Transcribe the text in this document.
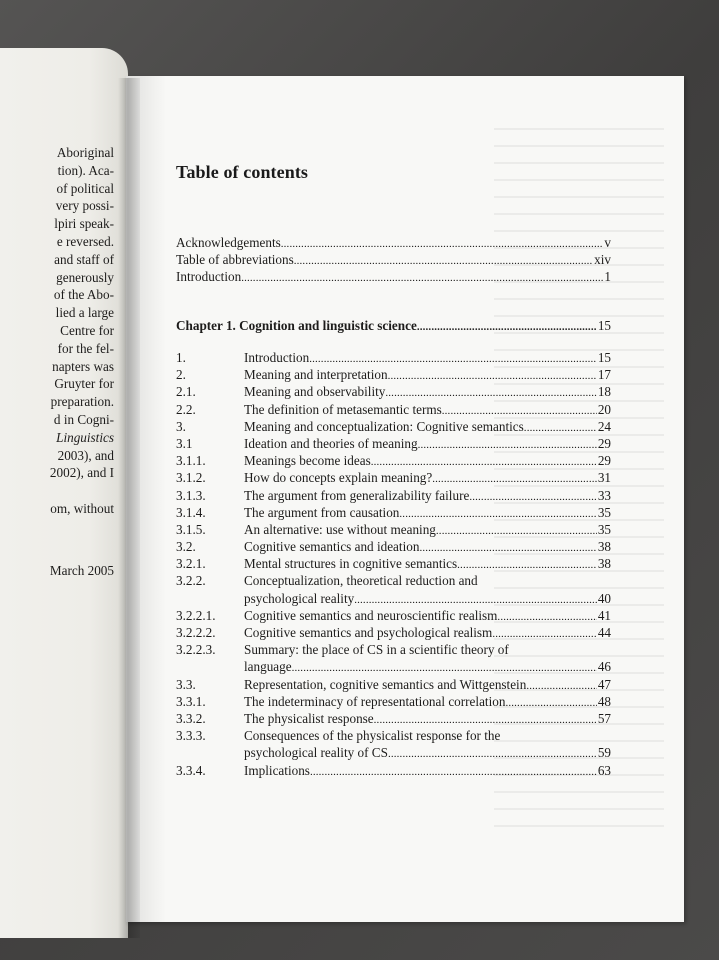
Aboriginal
tion). Aca-
of political
very possi-
lpiri speak-
e reversed.
and staff of
generously
of the Abo-
lied a large
Centre for
for the fel-
napters was
Gruyter for
preparation.
d in Cogni-
Linguistics
2003), and
2002), and I
om, without
March 2005
Table of contents
Acknowledgements . . .	v
Table of abbreviations . . .	xiv
Introduction . . .	1
Chapter 1. Cognition and linguistic science . . .	15
1.	Introduction . . .	15
2.	Meaning and interpretation . . .	17
2.1.	Meaning and observability . . .	18
2.2.	The definition of metasemantic terms . . .	20
3.	Meaning and conceptualization: Cognitive semantics . . .	24
3.1	Ideation and theories of meaning . . .	29
3.1.1.	Meanings become ideas . . .	29
3.1.2.	How do concepts explain meaning? . . .	31
3.1.3.	The argument from generalizability failure . . .	33
3.1.4.	The argument from causation . . .	35
3.1.5.	An alternative: use without meaning . . .	35
3.2.	Cognitive semantics and ideation . . .	38
3.2.1.	Mental structures in cognitive semantics . . .	38
3.2.2.	Conceptualization, theoretical reduction and
psychological reality . . .	40
3.2.2.1. Cognitive semantics and neuroscientific realism . . .	41
3.2.2.2. Cognitive semantics and psychological realism . . .	44
3.2.2.3. Summary: the place of CS in a scientific theory of
language . . .	46
3.3.	Representation, cognitive semantics and Wittgenstein . . .	47
3.3.1.	The indeterminacy of representational correlation . . .	48
3.3.2.	The physicalist response . . .	57
3.3.3.	Consequences of the physicalist response for the
psychological reality of CS . . .	59
3.3.4.	Implications . . .	63
